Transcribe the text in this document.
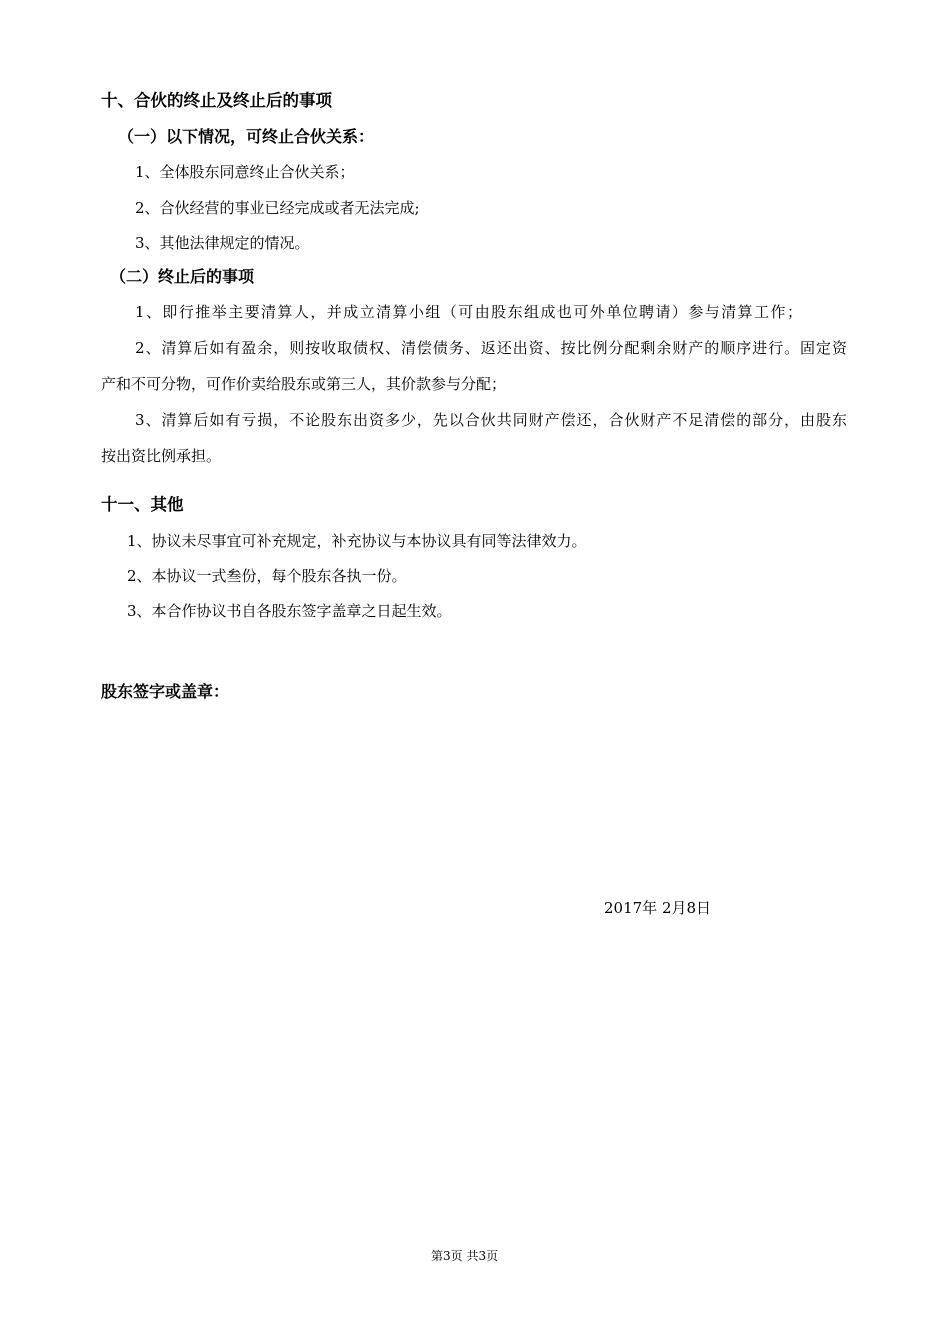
十、合伙的终止及终止后的事项
（一）以下情况，可终止合伙关系：
1、全体股东同意终止合伙关系；
2、合伙经营的事业已经完成或者无法完成;
3、其他法律规定的情况。
（二）终止后的事项
1、即行推举主要清算人，并成立清算小组（可由股东组成也可外单位聘请）参与清算工作；
2、清算后如有盈余，则按收取债权、清偿债务、返还出资、按比例分配剩余财产的顺序进行。固定资
产和不可分物，可作价卖给股东或第三人，其价款参与分配；
3、清算后如有亏损，不论股东出资多少，先以合伙共同财产偿还，合伙财产不足清偿的部分，由股东
按出资比例承担。
十一、其他
1、协议未尽事宜可补充规定，补充协议与本协议具有同等法律效力。
2、本协议一式叁份，每个股东各执一份。
3、本合作协议书自各股东签字盖章之日起生效。
股东签字或盖章：
2017年 2月8日
第3页 共3页
